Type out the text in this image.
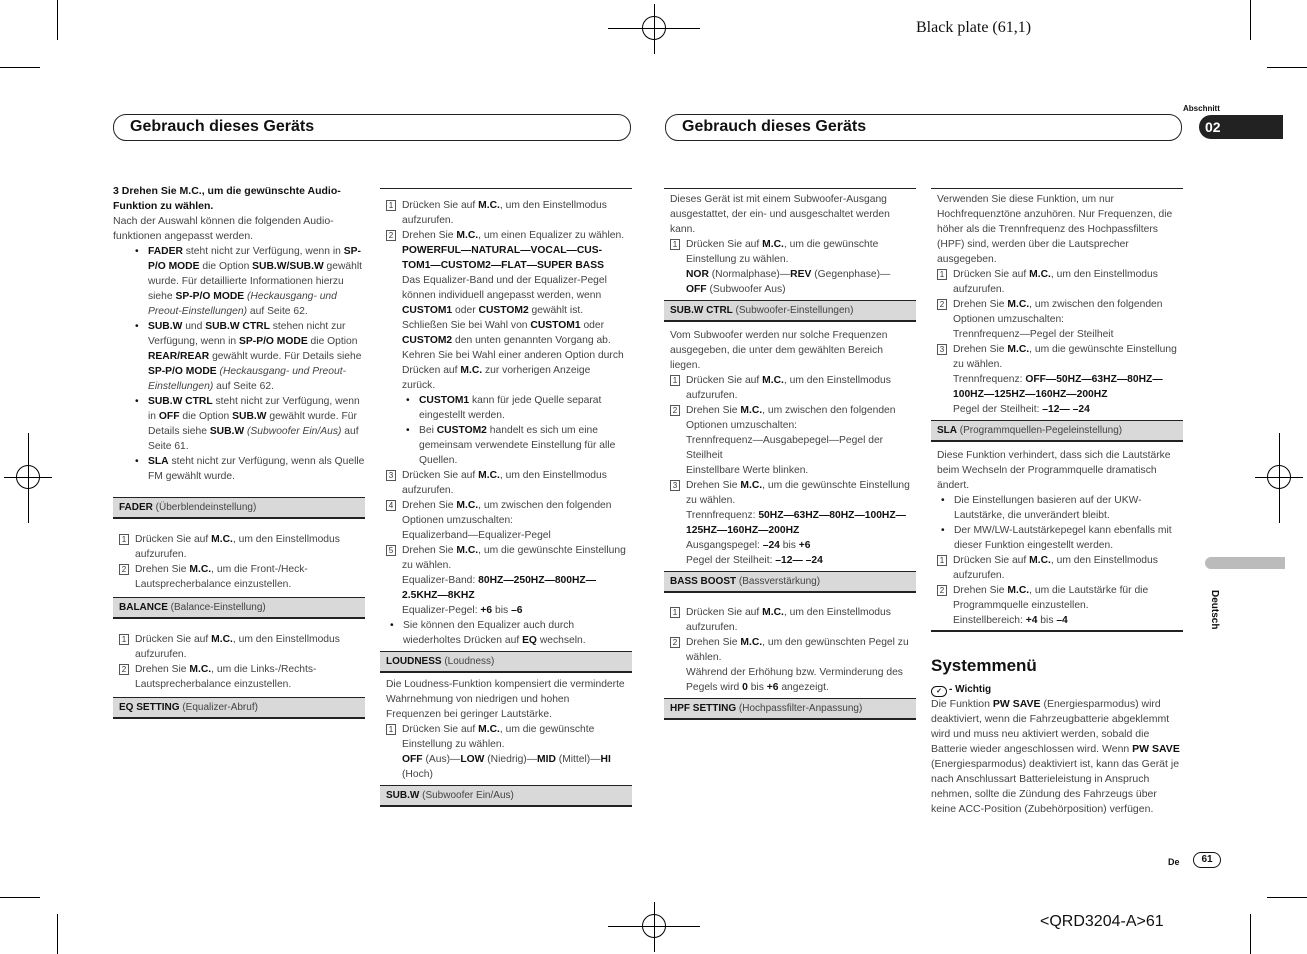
Black plate (61,1)
Abschnitt
02
Gebrauch dieses Geräts	Gebrauch dieses Geräts
Deutsch
3 Drehen Sie M.C., um die gewünschte Audio-Funktion zu wählen.
Nach der Auswahl können die folgenden Audio-funktionen angepasst werden.
• FADER steht nicht zur Verfügung, wenn in SP-P/O MODE die Option SUB.W/SUB.W gewählt wurde. Für detaillierte Informationen hierzu siehe SP-P/O MODE (Heckausgang- und Preout-Einstellungen) auf Seite 62.
• SUB.W und SUB.W CTRL stehen nicht zur Verfügung, wenn in SP-P/O MODE die Option REAR/REAR gewählt wurde. Für Details siehe SP-P/O MODE (Heckausgang- und Preout-Einstellungen) auf Seite 62.
• SUB.W CTRL steht nicht zur Verfügung, wenn in OFF die Option SUB.W gewählt wurde. Für Details siehe SUB.W (Subwoofer Ein/Aus) auf Seite 61.
• SLA steht nicht zur Verfügung, wenn als Quelle FM gewählt wurde.
FADER (Überblendeinstellung)
1 Drücken Sie auf M.C., um den Einstellmodus aufzurufen.
2 Drehen Sie M.C., um die Front-/Heck-Lautsprecherbalance einzustellen.
BALANCE (Balance-Einstellung)
1 Drücken Sie auf M.C., um den Einstellmodus aufzurufen.
2 Drehen Sie M.C., um die Links-/Rechts-Lautsprecherbalance einzustellen.
EQ SETTING (Equalizer-Abruf)
1 Drücken Sie auf M.C., um den Einstellmodus aufzurufen.
2 Drehen Sie M.C., um einen Equalizer zu wählen.
POWERFUL—NATURAL—VOCAL—CUS-TOM1—CUSTOM2—FLAT—SUPER BASS
Das Equalizer-Band und der Equalizer-Pegel können individuell angepasst werden, wenn CUSTOM1 oder CUSTOM2 gewählt ist.
Schließen Sie bei Wahl von CUSTOM1 oder CUSTOM2 den unten genannten Vorgang ab. Kehren Sie bei Wahl einer anderen Option durch Drücken auf M.C. zur vorherigen Anzeige zurück.
• CUSTOM1 kann für jede Quelle separat eingestellt werden.
• Bei CUSTOM2 handelt es sich um eine gemeinsam verwendete Einstellung für alle Quellen.
3 Drücken Sie auf M.C., um den Einstellmodus aufzurufen.
4 Drehen Sie M.C., um zwischen den folgenden Optionen umzuschalten:
Equalizerband—Equalizer-Pegel
5 Drehen Sie M.C., um die gewünschte Einstellung zu wählen.
Equalizer-Band: 80HZ—250HZ—800HZ—2.5KHZ—8KHZ
Equalizer-Pegel: +6 bis –6
• Sie können den Equalizer auch durch wiederholtes Drücken auf EQ wechseln.
LOUDNESS (Loudness)
Die Loudness-Funktion kompensiert die verminderte Wahrnehmung von niedrigen und hohen Frequenzen bei geringer Lautstärke.
1 Drücken Sie auf M.C., um die gewünschte Einstellung zu wählen.
OFF (Aus)—LOW (Niedrig)—MID (Mittel)—HI (Hoch)
SUB.W (Subwoofer Ein/Aus)
Dieses Gerät ist mit einem Subwoofer-Ausgang ausgestattet, der ein- und ausgeschaltet werden kann.
1 Drücken Sie auf M.C., um die gewünschte Einstellung zu wählen.
NOR (Normalphase)—REV (Gegenphase)—OFF (Subwoofer Aus)
SUB.W CTRL (Subwoofer-Einstellungen)
Vom Subwoofer werden nur solche Frequenzen ausgegeben, die unter dem gewählten Bereich liegen.
1 Drücken Sie auf M.C., um den Einstellmodus aufzurufen.
2 Drehen Sie M.C., um zwischen den folgenden Optionen umzuschalten:
Trennfrequenz—Ausgabepegel—Pegel der Steilheit
Einstellbare Werte blinken.
3 Drehen Sie M.C., um die gewünschte Einstellung zu wählen.
Trennfrequenz: 50HZ—63HZ—80HZ—100HZ—125HZ—160HZ—200HZ
Ausgangspegel: –24 bis +6
Pegel der Steilheit: –12— –24
BASS BOOST (Bassverstärkung)
1 Drücken Sie auf M.C., um den Einstellmodus aufzurufen.
2 Drehen Sie M.C., um den gewünschten Pegel zu wählen.
Während der Erhöhung bzw. Verminderung des Pegels wird 0 bis +6 angezeigt.
HPF SETTING (Hochpassfilter-Anpassung)
Verwenden Sie diese Funktion, um nur Hochfrequenztöne anzuhören. Nur Frequenzen, die höher als die Trennfrequenz des Hochpassfilters (HPF) sind, werden über die Lautsprecher ausgegeben.
1 Drücken Sie auf M.C., um den Einstellmodus aufzurufen.
2 Drehen Sie M.C., um zwischen den folgenden Optionen umzuschalten:
Trennfrequenz—Pegel der Steilheit
3 Drehen Sie M.C., um die gewünschte Einstellung zu wählen.
Trennfrequenz: OFF—50HZ—63HZ—80HZ—100HZ—125HZ—160HZ—200HZ
Pegel der Steilheit: –12— –24
SLA (Programmquellen-Pegeleinstellung)
Diese Funktion verhindert, dass sich die Lautstärke beim Wechseln der Programmquelle dramatisch ändert.
• Die Einstellungen basieren auf der UKW-Lautstärke, die unverändert bleibt.
• Der MW/LW-Lautstärkepegel kann ebenfalls mit dieser Funktion eingestellt werden.
1 Drücken Sie auf M.C., um den Einstellmodus aufzurufen.
2 Drehen Sie M.C., um die Lautstärke für die Programmquelle einzustellen.
Einstellbereich: +4 bis –4
Systemmenü
✓ - Wichtig
Die Funktion PW SAVE (Energiesparmodus) wird deaktiviert, wenn die Fahrzeugbatterie abgeklemmt wird und muss neu aktiviert werden, sobald die Batterie wieder angeschlossen wird. Wenn PW SAVE (Energiesparmodus) deaktiviert ist, kann das Gerät je nach Anschlussart Batterieleistung in Anspruch nehmen, sollte die Zündung des Fahrzeugs über keine ACC-Position (Zubehörposition) verfügen.
De	61
<QRD3204-A>61
